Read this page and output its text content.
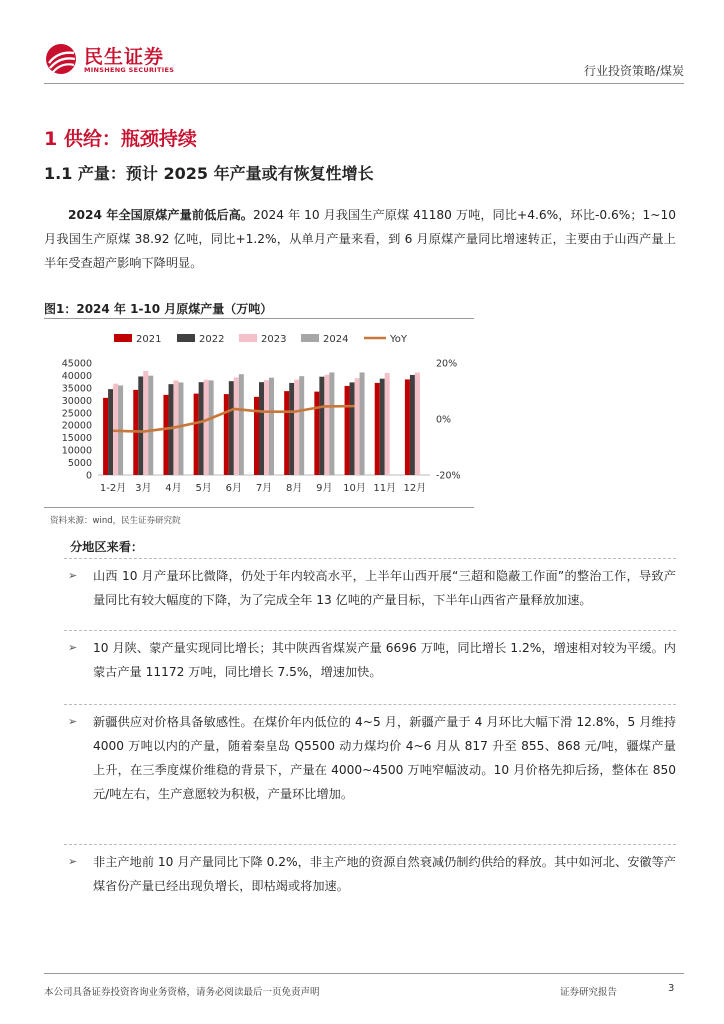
民生证券
MINSHENG SECURITIES	行业投资策略/煤炭
1 供给：瓶颈持续
1.1 产量：预计 2025 年产量或有恢复性增长
2024 年全国原煤产量前低后高。2024 年 10 月我国生产原煤 41180 万吨，同比+4.6%，环比-0.6%；1~10 月我国生产原煤 38.92 亿吨，同比+1.2%，从单月产量来看，到 6 月原煤产量同比增速转正，主要由于山西产量上半年受查超产影响下降明显。
图1：2024 年 1-10 月原煤产量（万吨）
2021	2022	2023	2024	YoY
45000
40000
35000
30000
25000
20000
15000
10000
5000
0
20%
0%
-20%
1-2月 3月 4月 5月 6月 7月 8月 9月 10月 11月 12月
资料来源：wind，民生证券研究院
分地区来看：
➢ 山西 10 月产量环比微降，仍处于年内较高水平，上半年山西开展“三超和隐蔽工作面”的整治工作，导致产量同比有较大幅度的下降，为了完成全年 13 亿吨的产量目标，下半年山西省产量释放加速。
➢ 10 月陕、蒙产量实现同比增长；其中陕西省煤炭产量 6696 万吨，同比增长 1.2%，增速相对较为平缓。内蒙古产量 11172 万吨，同比增长 7.5%，增速加快。
➢ 新疆供应对价格具备敏感性。在煤价年内低位的 4~5 月，新疆产量于 4 月环比大幅下滑 12.8%，5 月维持 4000 万吨以内的产量，随着秦皇岛 Q5500 动力煤均价 4~6 月从 817 升至 855、868 元/吨，疆煤产量上升，在三季度煤价维稳的背景下，产量在 4000~4500 万吨窄幅波动。10 月价格先抑后扬，整体在 850 元/吨左右，生产意愿较为积极，产量环比增加。
➢ 非主产地前 10 月产量同比下降 0.2%，非主产地的资源自然衰减仍制约供给的释放。其中如河北、安徽等产煤省份产量已经出现负增长，即枯竭或将加速。
本公司具备证券投资咨询业务资格，请务必阅读最后一页免责声明	证券研究报告	3
